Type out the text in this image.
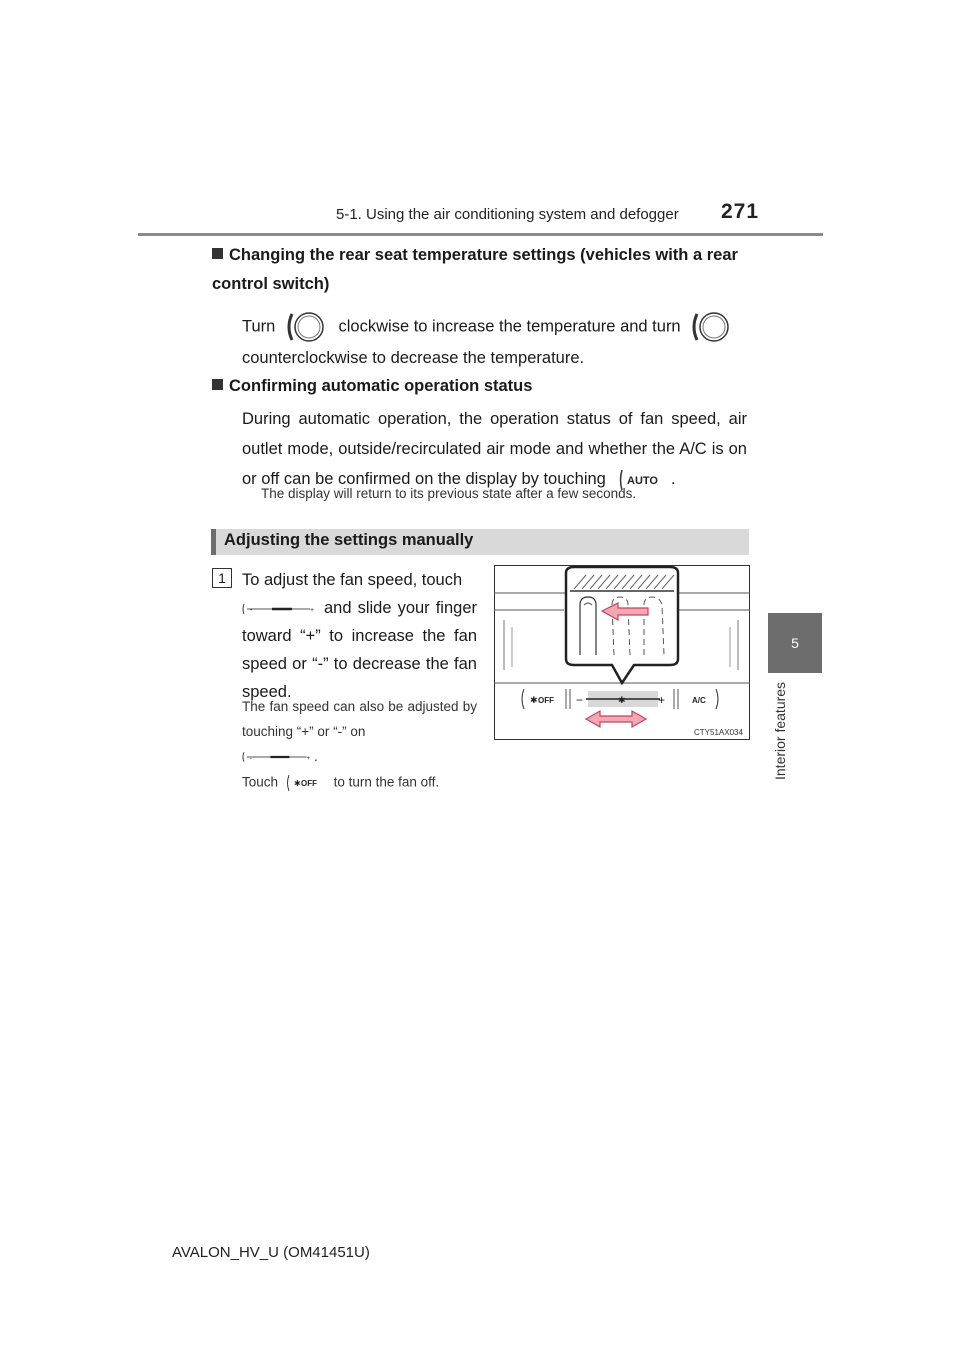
5-1. Using the air conditioning system and defogger 271
5
Interior features
Changing the rear seat temperature settings (vehicles with a rear control switch)
Turn	clockwise to increase the temperature and turn
counterclockwise to decrease the temperature.
Confirming automatic operation status
During automatic operation, the operation status of fan speed, air outlet mode, outside/recirculated air mode and whether the A/C is on or off can be confirmed on the display by touching AUTO .
The display will return to its previous state after a few seconds.
Adjusting the settings manually
1 To adjust the fan speed, touch

-	+ and slide your finger toward “+” to increase the fan speed or “-” to decrease the fan speed.
The fan speed can also be adjusted by touching “+” or “-” on

-	+ .
Touch ✱ OFF to turn the fan off.
✱ OFF −	+
✱	A/C
CTY51AX034
AVALON_HV_U (OM41451U)
